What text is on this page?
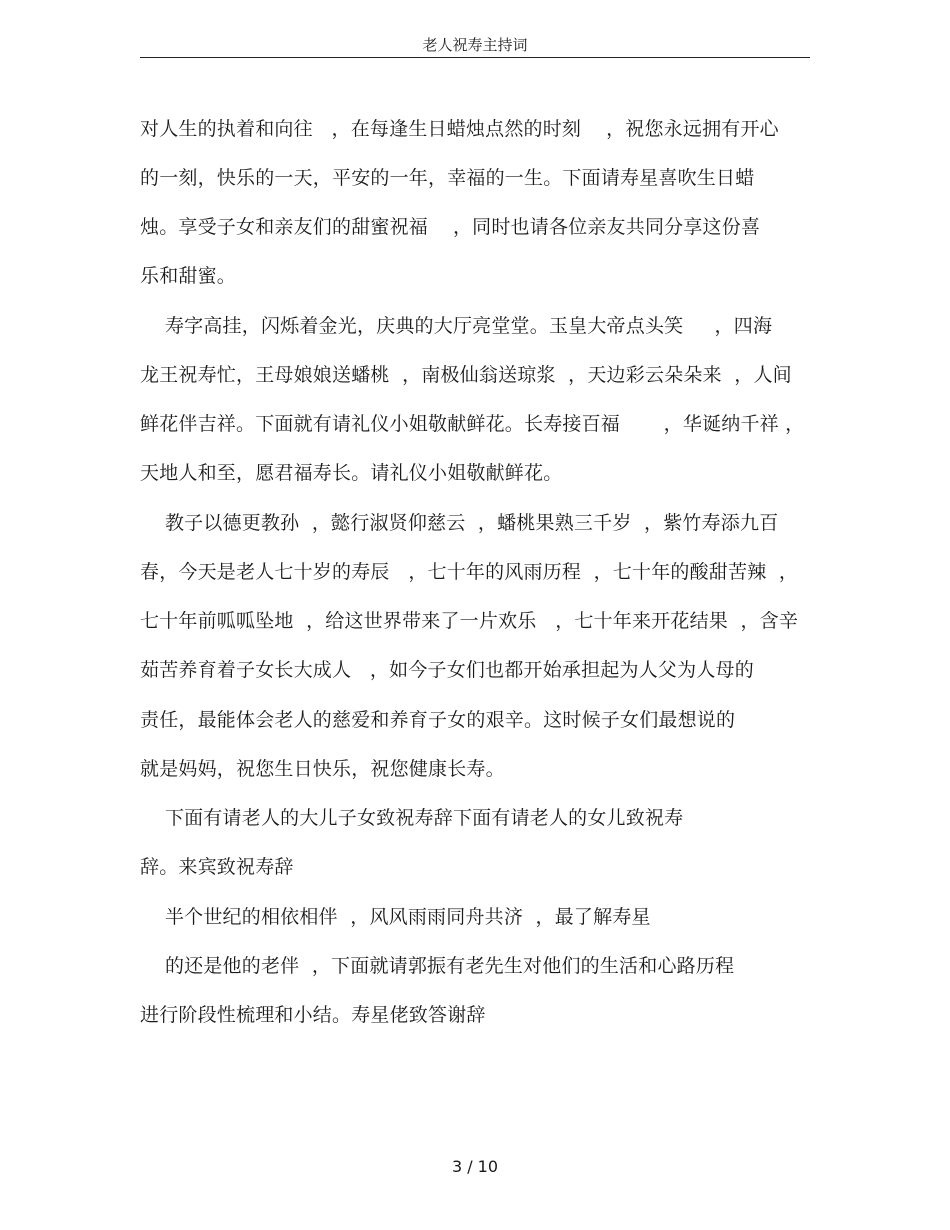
老人祝寿主持词
对人生的执着和向往   ，在每逢生日蜡烛点然的时刻    ，祝您永远拥有开心
的一刻，快乐的一天，平安的一年，幸福的一生。下面请寿星喜吹生日蜡
烛。享受子女和亲友们的甜蜜祝福    ，同时也请各位亲友共同分享这份喜
乐和甜蜜。
寿字高挂，闪烁着金光，庆典的大厅亮堂堂。玉皇大帝点头笑     ，四海
龙王祝寿忙，王母娘娘送蟠桃  ，南极仙翁送琼浆  ，天边彩云朵朵来  ，人间
鲜花伴吉祥。下面就有请礼仪小姐敬献鲜花。长寿接百福       ，华诞纳千祥 ，
天地人和至，愿君福寿长。请礼仪小姐敬献鲜花。
教子以德更教孙  ，懿行淑贤仰慈云  ，蟠桃果熟三千岁  ，紫竹寿添九百
春，今天是老人七十岁的寿辰   ，七十年的风雨历程  ，七十年的酸甜苦辣  ，
七十年前呱呱坠地  ，给这世界带来了一片欢乐   ，七十年来开花结果  ，含辛
茹苦养育着子女长大成人   ，如今子女们也都开始承担起为人父为人母的
责任，最能体会老人的慈爱和养育子女的艰辛。这时候子女们最想说的
就是妈妈，祝您生日快乐，祝您健康长寿。
下面有请老人的大儿子女致祝寿辞下面有请老人的女儿致祝寿
辞。来宾致祝寿辞
半个世纪的相依相伴  ，风风雨雨同舟共济  ，最了解寿星
的还是他的老伴  ，下面就请郭振有老先生对他们的生活和心路历程
进行阶段性梳理和小结。寿星佬致答谢辞
3 / 10
